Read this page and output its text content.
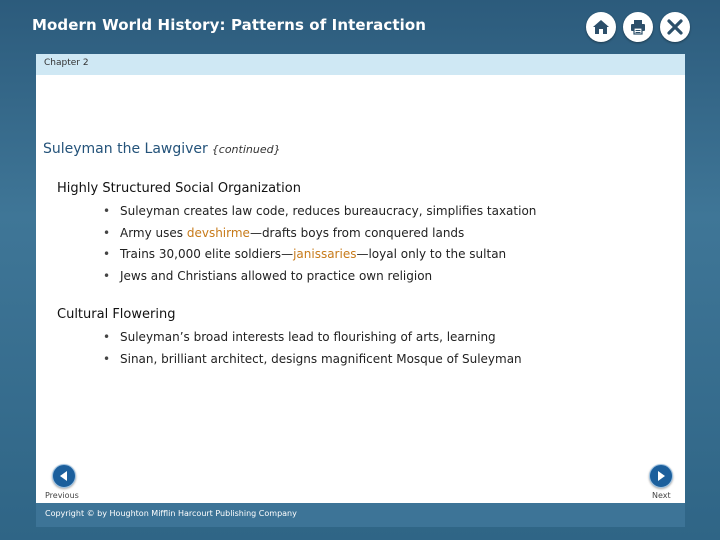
Modern World History: Patterns of Interaction
Chapter 2
Suleyman the Lawgiver {continued}
Highly Structured Social Organization
• Suleyman creates law code, reduces bureaucracy, simplifies taxation
• Army uses devshirme—drafts boys from conquered lands
• Trains 30,000 elite soldiers—janissaries—loyal only to the sultan
• Jews and Christians allowed to practice own religion
Cultural Flowering
• Suleyman’s broad interests lead to flourishing of arts, learning
• Sinan, brilliant architect, designs magnificent Mosque of Suleyman
Previous	Next
Copyright © by Houghton Mifflin Harcourt Publishing Company
